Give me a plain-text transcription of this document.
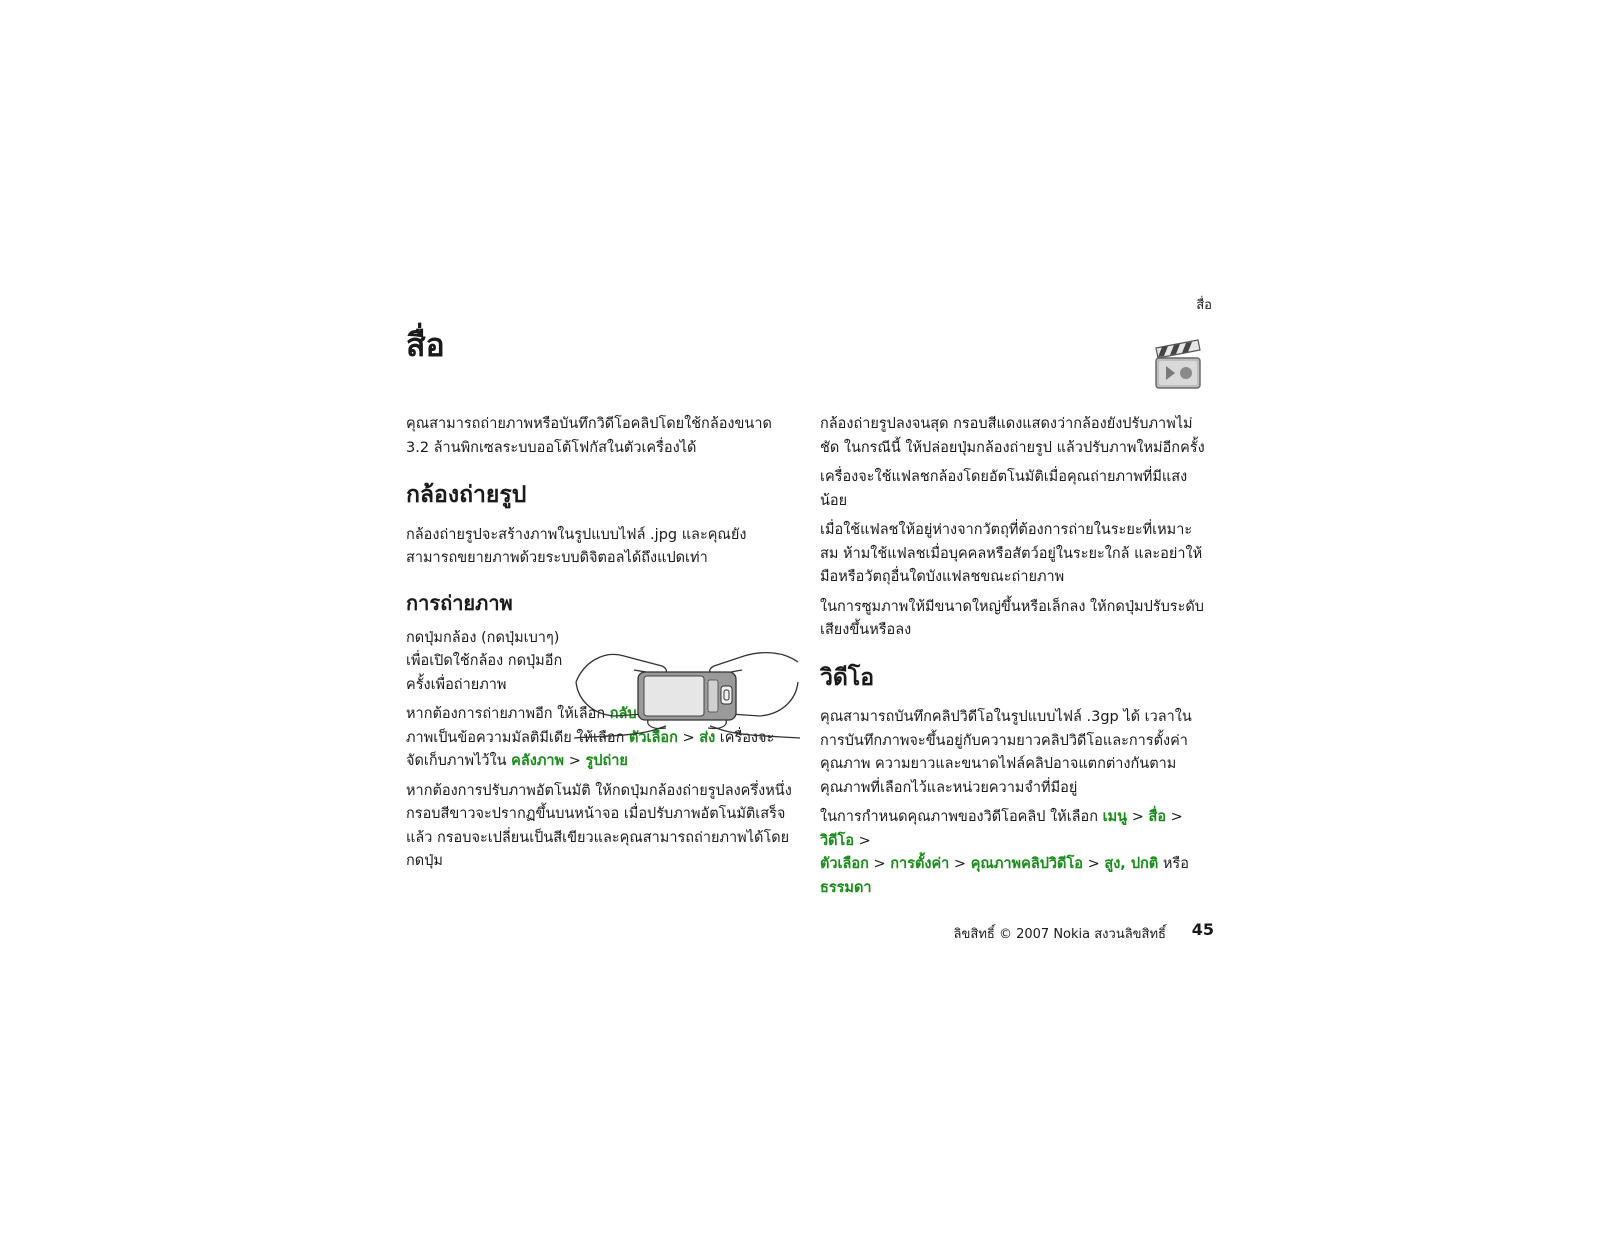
สื่อ
สื่อ

คุณสามารถถ่ายภาพหรือบันทึกวิดีโอคลิปโดยใช้กล้องขนาด 3.2 ล้านพิกเซลระบบออโต้โฟกัสในตัวเครื่องได้

กล้องถ่ายรูป

กล้องถ่ายรูปจะสร้างภาพในรูปแบบไฟล์ .jpg และคุณยังสามารถขยายภาพด้วยระบบดิจิตอลได้ถึงแปดเท่า

การถ่ายภาพ

กดปุ่มกล้อง (กดปุ่มเบาๆ) เพื่อเปิดใช้กล้อง กดปุ่มอีกครั้งเพื่อถ่ายภาพ

หากต้องการถ่ายภาพอีก ให้เลือก กลับ
ภาพเป็นข้อความมัลติมีเดีย ให้เลือก ตัวเลือก > ส่ง เครื่องจะ
จัดเก็บภาพไว้ใน คลังภาพ > รูปถ่าย

หากต้องการปรับภาพอัตโนมัติ ให้กดปุ่มกล้องถ่ายรูปลงครึ่งหนึ่ง กรอบสีขาวจะปรากฏขึ้นบนหน้าจอ เมื่อปรับภาพอัตโนมัติเสร็จแล้ว กรอบจะเปลี่ยนเป็นสีเขียวและคุณสามารถถ่ายภาพได้โดยกดปุ่ม

กล้องถ่ายรูปลงจนสุด กรอบสีแดงแสดงว่ากล้องยังปรับภาพไม่ชัด ในกรณีนี้ ให้ปล่อยปุ่มกล้องถ่ายรูป แล้วปรับภาพใหม่อีกครั้ง

เครื่องจะใช้แฟลชกล้องโดยอัตโนมัติเมื่อคุณถ่ายภาพที่มีแสงน้อย

เมื่อใช้แฟลชให้อยู่ห่างจากวัตถุที่ต้องการถ่ายในระยะที่เหมาะสม ห้ามใช้แฟลชเมื่อบุคคลหรือสัตว์อยู่ในระยะใกล้ และอย่าให้มือหรือวัตถุอื่นใดบังแฟลชขณะถ่ายภาพ

ในการซูมภาพให้มีขนาดใหญ่ขึ้นหรือเล็กลง ให้กดปุ่มปรับระดับเสียงขึ้นหรือลง

วิดีโอ

คุณสามารถบันทึกคลิปวิดีโอในรูปแบบไฟล์ .3gp ได้ เวลาในการบันทึกภาพจะขึ้นอยู่กับความยาวคลิปวิดีโอและการตั้งค่าคุณภาพ ความยาวและขนาดไฟล์คลิปอาจแตกต่างกันตามคุณภาพที่เลือกไว้และหน่วยความจำที่มีอยู่

ในการกำหนดคุณภาพของวิดีโอคลิป ให้เลือก เมนู > สื่อ > วิดีโอ >
ตัวเลือก > การตั้งค่า > คุณภาพคลิปวิดีโอ > สูง, ปกติ หรือ
ธรรมดา

ลิขสิทธิ์ © 2007 Nokia สงวนลิขสิทธิ์	45
